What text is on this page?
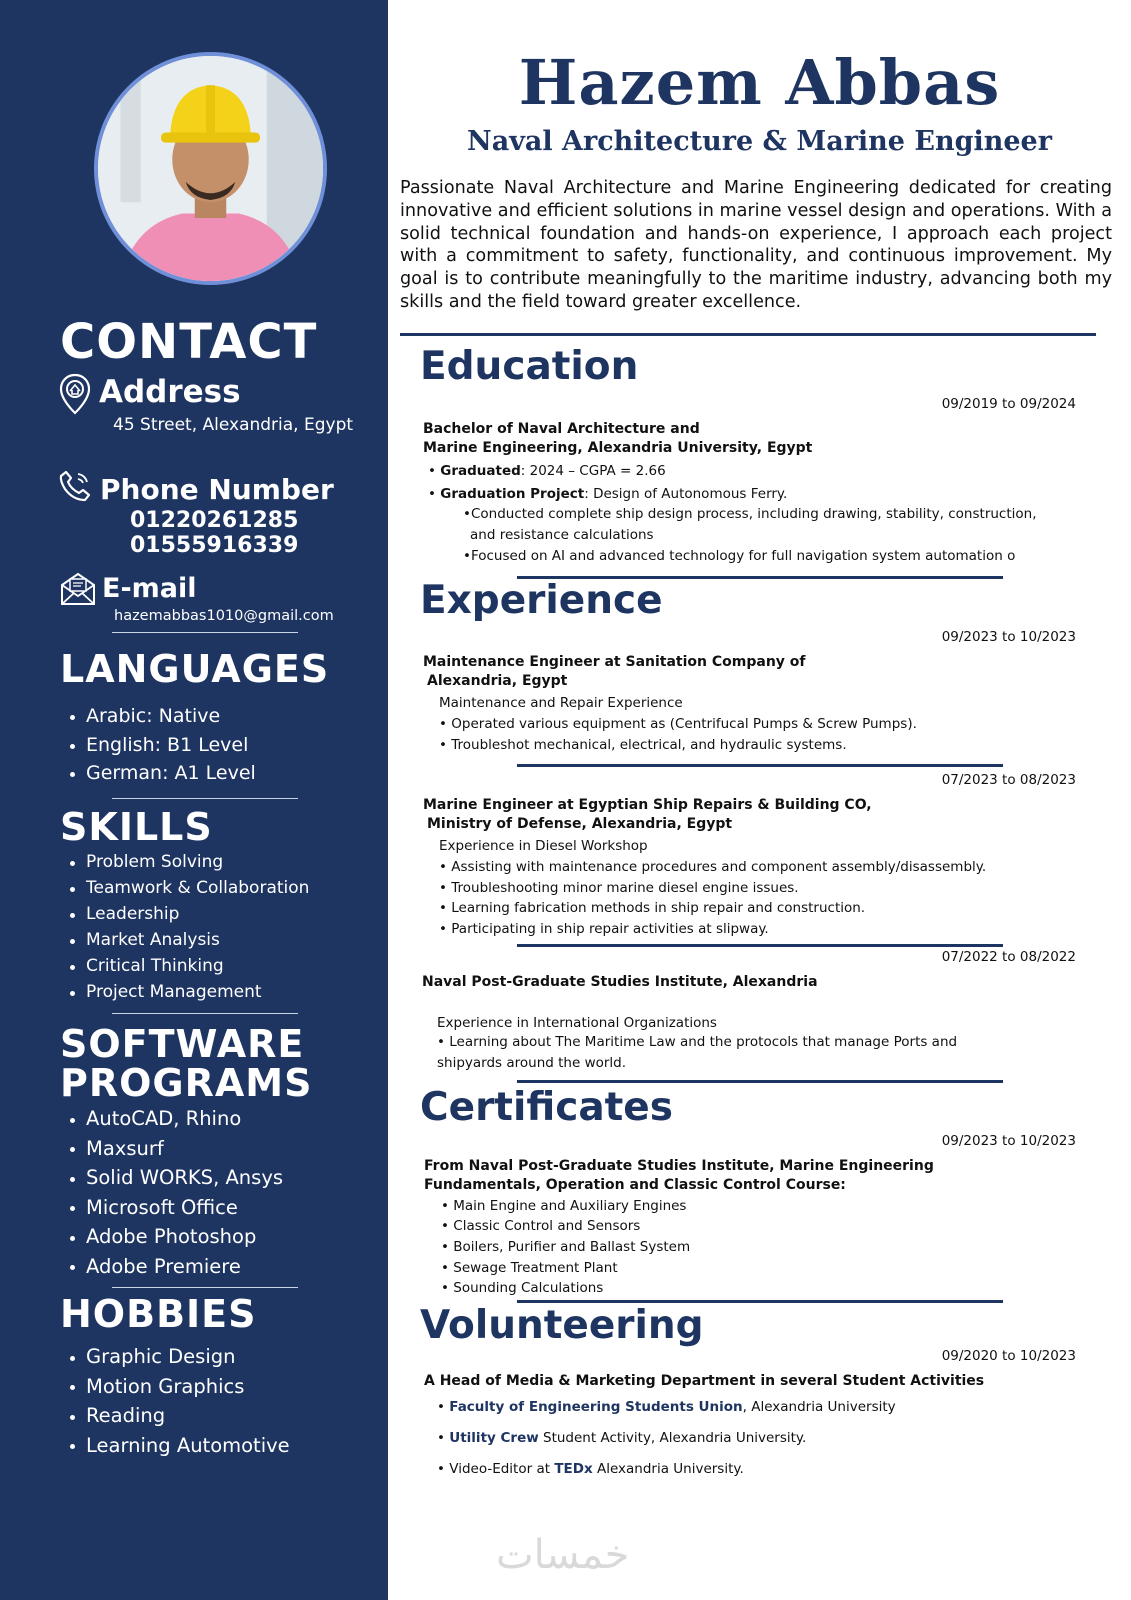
CONTACT
Address
45 Street, Alexandria, Egypt
Phone Number
01220261285
01555916339
E-mail
hazemabbas1010@gmail.com
LANGUAGES
Arabic: Native
English: B1 Level
German: A1 Level
SKILLS
Problem Solving
Teamwork & Collaboration
Leadership
Market Analysis
Critical Thinking
Project Management
SOFTWARE
PROGRAMS
AutoCAD, Rhino
Maxsurf
Solid WORKS, Ansys
Microsoft Office
Adobe Photoshop
Adobe Premiere
HOBBIES
Graphic Design
Motion Graphics
Reading
Learning Automotive
Hazem Abbas
Naval Architecture & Marine Engineer
Passionate Naval Architecture and Marine Engineering dedicated for creating innovative and efficient solutions in marine vessel design and operations. With a solid technical foundation and hands-on experience, I approach each project with a commitment to safety, functionality, and continuous improvement. My goal is to contribute meaningfully to the maritime industry, advancing both my skills and the field toward greater excellence.
Education
09/2019 to 09/2024
Bachelor of Naval Architecture and
Marine Engineering, Alexandria University, Egypt
• Graduated: 2024 – CGPA = 2.66
• Graduation Project: Design of Autonomous Ferry.
•Conducted complete ship design process, including drawing, stability, construction,
and resistance calculations
•Focused on AI and advanced technology for full navigation system automation o
Experience
09/2023 to 10/2023
Maintenance Engineer at Sanitation Company of
Alexandria, Egypt
Maintenance and Repair Experience
• Operated various equipment as (Centrifucal Pumps & Screw Pumps).
• Troubleshot mechanical, electrical, and hydraulic systems.
07/2023 to 08/2023
Marine Engineer at Egyptian Ship Repairs & Building CO,
Ministry of Defense, Alexandria, Egypt
Experience in Diesel Workshop
• Assisting with maintenance procedures and component assembly/disassembly.
• Troubleshooting minor marine diesel engine issues.
• Learning fabrication methods in ship repair and construction.
• Participating in ship repair activities at slipway.
07/2022 to 08/2022
Naval Post-Graduate Studies Institute, Alexandria
Experience in International Organizations
• Learning about The Maritime Law and the protocols that manage Ports and
shipyards around the world.
Certificates
09/2023 to 10/2023
From Naval Post-Graduate Studies Institute, Marine Engineering
Fundamentals, Operation and Classic Control Course:
• Main Engine and Auxiliary Engines
• Classic Control and Sensors
• Boilers, Purifier and Ballast System
• Sewage Treatment Plant
• Sounding Calculations
Volunteering
09/2020 to 10/2023
A Head of Media & Marketing Department in several Student Activities
• Faculty of Engineering Students Union, Alexandria University
• Utility Crew Student Activity, Alexandria University.
• Video-Editor at TEDx Alexandria University.
خمسات
